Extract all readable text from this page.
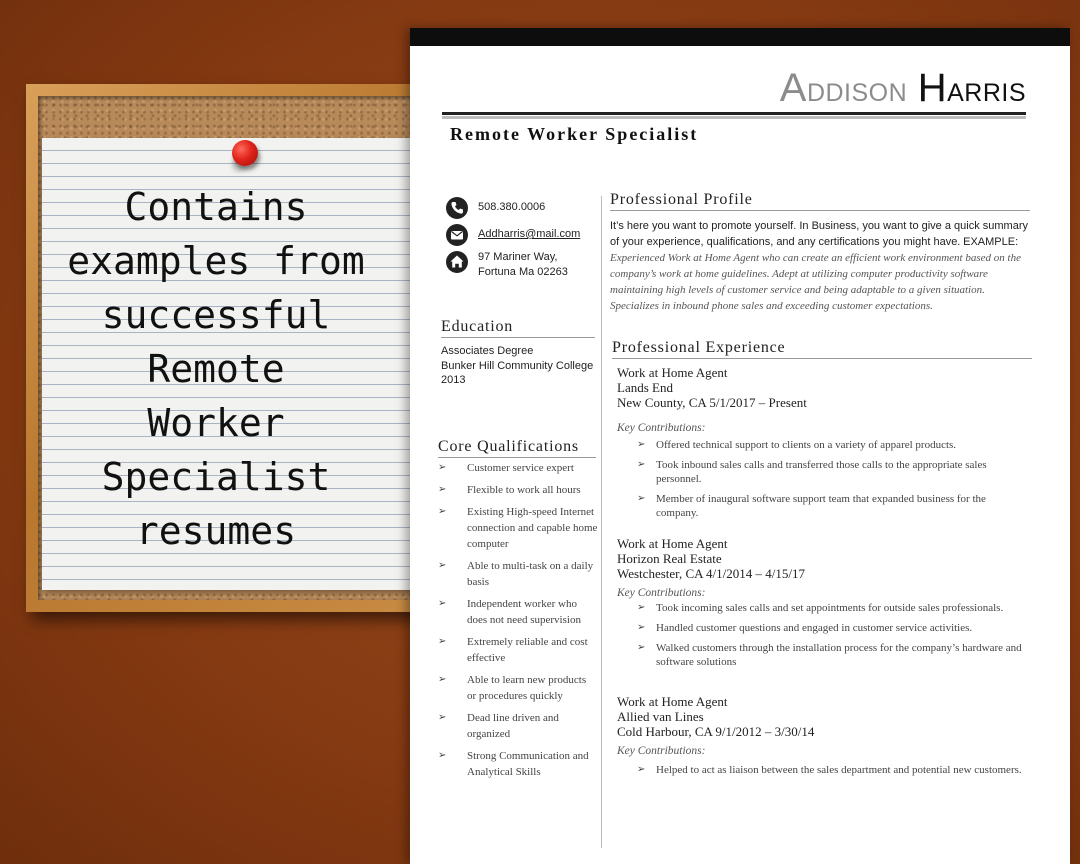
Contains
examples from
successful
Remote
Worker
Specialist
resumes
Addison Harris
Remote Worker Specialist
508.380.0006
Addharris@mail.com
97 Mariner Way,
Fortuna Ma 02263
Education
Associates Degree
Bunker Hill Community College
2013
Core Qualifications
➢ Customer service expert
➢ Flexible to work all hours
➢ Existing High-speed Internet connection and capable home computer
➢ Able to multi-task on a daily basis
➢ Independent worker who does not need supervision
➢ Extremely reliable and cost effective
➢ Able to learn new products or procedures quickly
➢ Dead line driven and organized
➢ Strong Communication and Analytical Skills
Professional Profile
It’s here you want to promote yourself. In Business, you want to give a quick summary of your experience, qualifications, and any certifications you might have. EXAMPLE: Experienced Work at Home Agent who can create an efficient work environment based on the company’s work at home guidelines. Adept at utilizing computer productivity software maintaining high levels of customer service and being adaptable to a given situation. Specializes in inbound phone sales and exceeding customer expectations.
Professional Experience
Work at Home Agent
Lands End
New County, CA 5/1/2017 – Present
Key Contributions:
➢ Offered technical support to clients on a variety of apparel products.
➢ Took inbound sales calls and transferred those calls to the appropriate sales personnel.
➢ Member of inaugural software support team that expanded business for the company.
Work at Home Agent
Horizon Real Estate
Westchester, CA 4/1/2014 – 4/15/17
Key Contributions:
➢ Took incoming sales calls and set appointments for outside sales professionals.
➢ Handled customer questions and engaged in customer service activities.
➢ Walked customers through the installation process for the company’s hardware and software solutions
Work at Home Agent
Allied van Lines
Cold Harbour, CA 9/1/2012 – 3/30/14
Key Contributions:
➢ Helped to act as liaison between the sales department and potential new customers.
